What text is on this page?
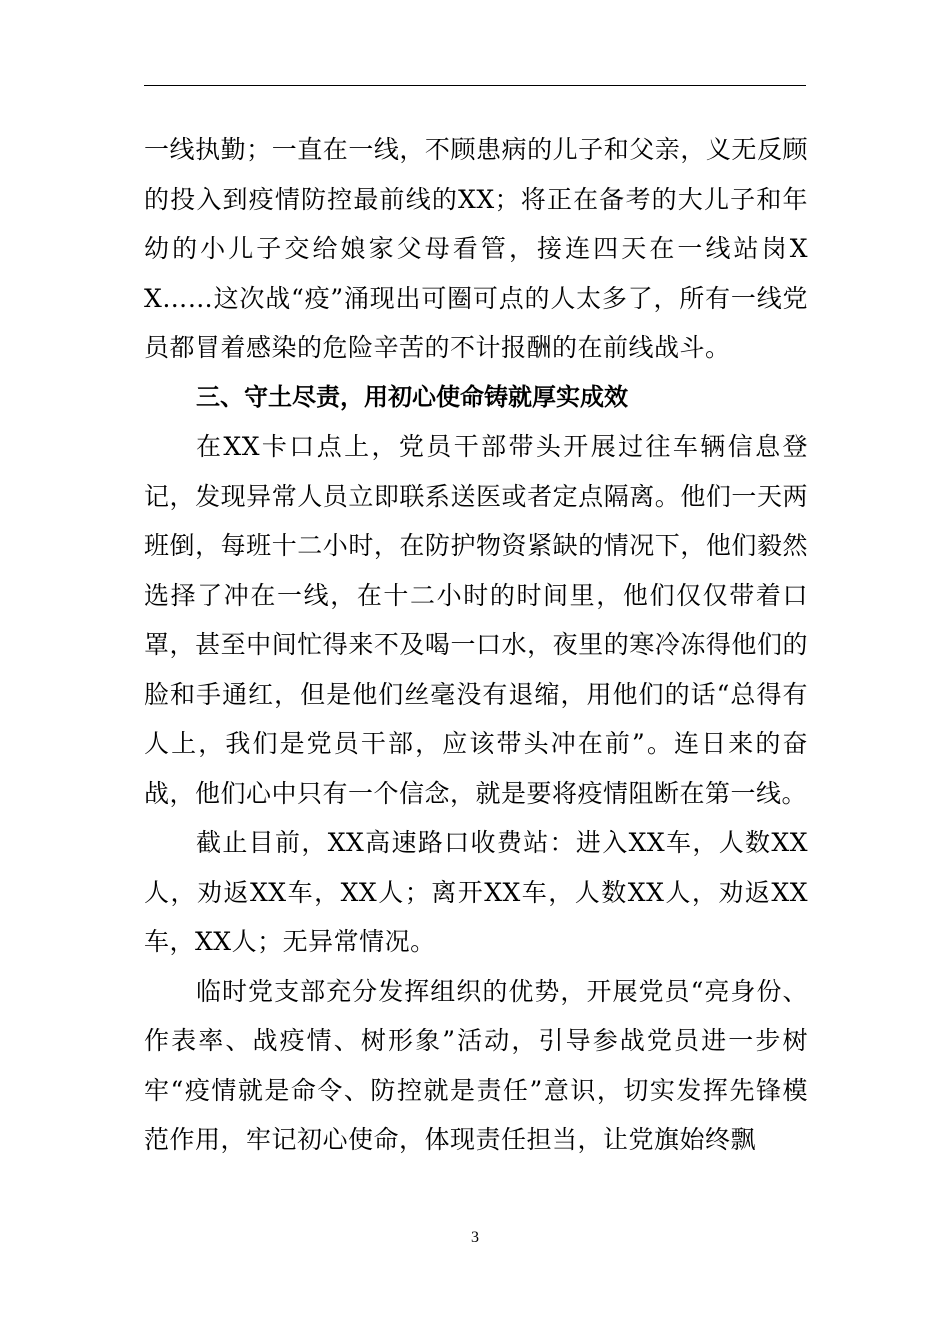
一线执勤；一直在一线，不顾患病的儿子和父亲，义无反顾的投入到疫情防控最前线的XX；将正在备考的大儿子和年幼的小儿子交给娘家父母看管，接连四天在一线站岗XX……这次战“疫”涌现出可圈可点的人太多了，所有一线党员都冒着感染的危险辛苦的不计报酬的在前线战斗。

三、守土尽责，用初心使命铸就厚实成效

在XX卡口点上，党员干部带头开展过往车辆信息登记，发现异常人员立即联系送医或者定点隔离。他们一天两班倒，每班十二小时，在防护物资紧缺的情况下，他们毅然选择了冲在一线，在十二小时的时间里，他们仅仅带着口罩，甚至中间忙得来不及喝一口水，夜里的寒冷冻得他们的脸和手通红，但是他们丝毫没有退缩，用他们的话“总得有人上，我们是党员干部，应该带头冲在前”。连日来的奋战，他们心中只有一个信念，就是要将疫情阻断在第一线。

截止目前，XX高速路口收费站：进入XX车，人数XX人，劝返XX车，XX人；离开XX车，人数XX人，劝返XX车，XX人；无异常情况。

临时党支部充分发挥组织的优势，开展党员“亮身份、作表率、战疫情、树形象”活动，引导参战党员进一步树牢“疫情就是命令、防控就是责任”意识，切实发挥先锋模范作用，牢记初心使命，体现责任担当，让党旗始终飘

3
